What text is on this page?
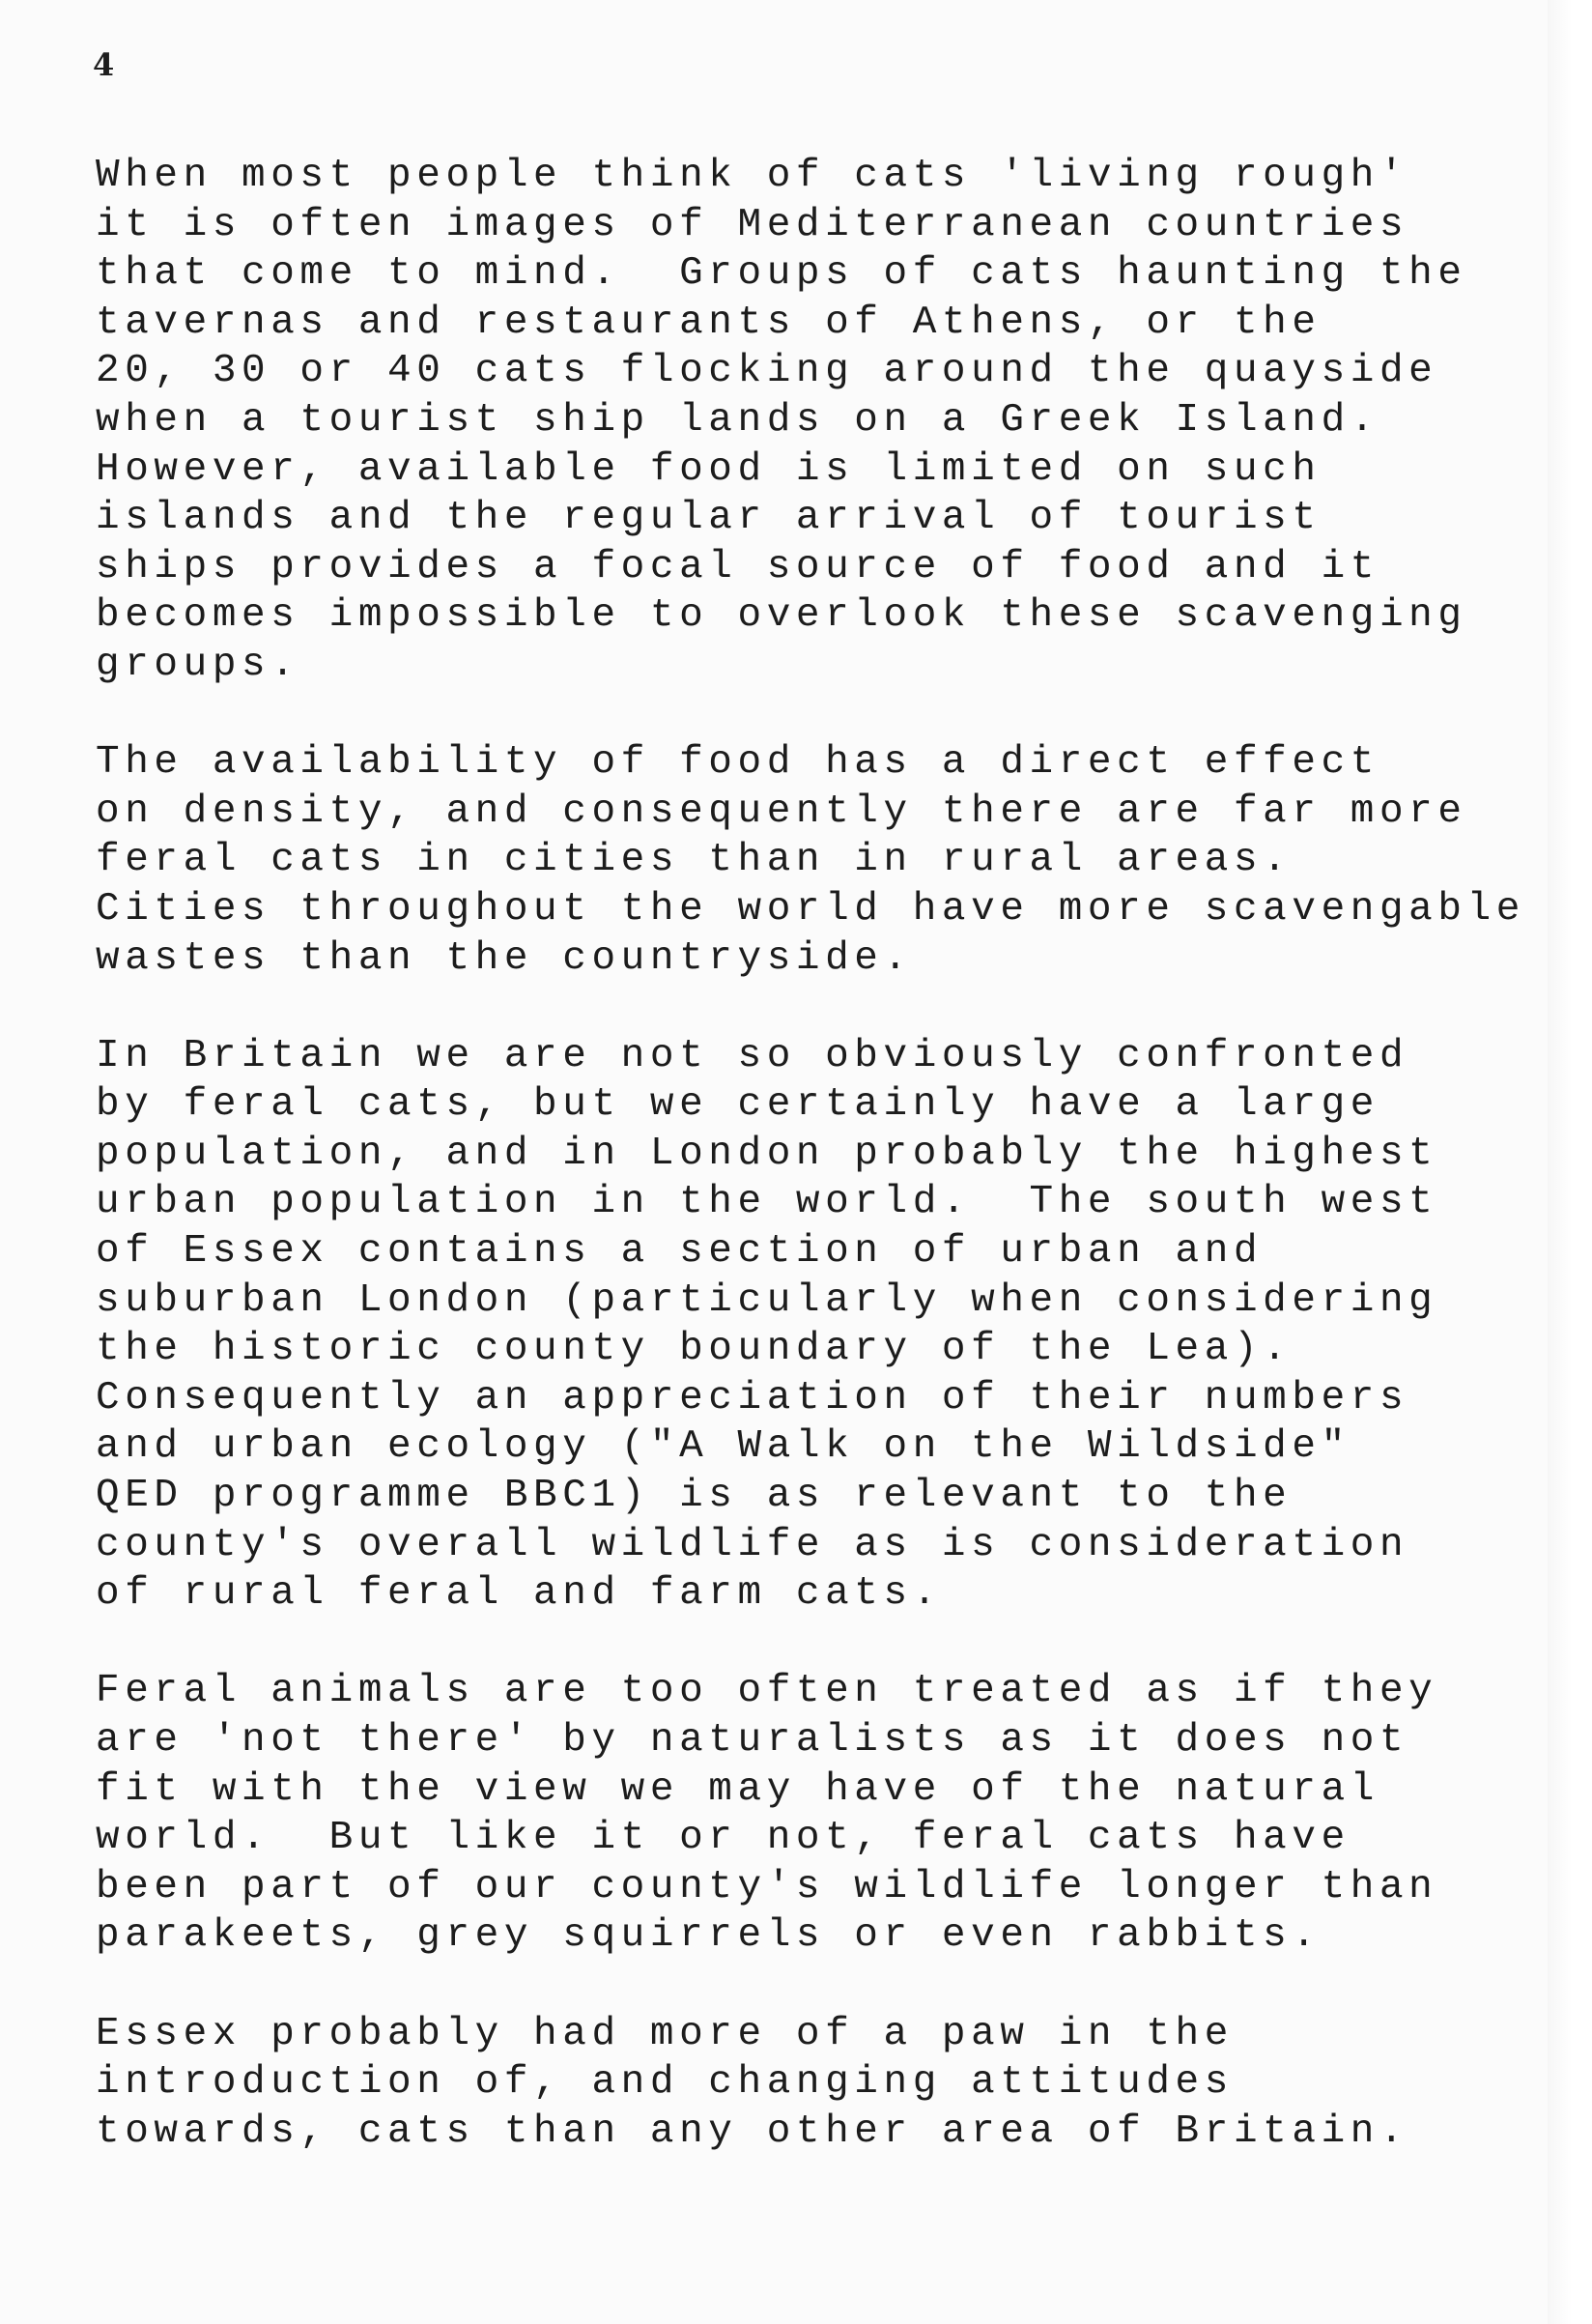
4

When most people think of cats 'living rough'
it is often images of Mediterranean countries
that come to mind.  Groups of cats haunting the
tavernas and restaurants of Athens, or the
20, 30 or 40 cats flocking around the quayside
when a tourist ship lands on a Greek Island.
However, available food is limited on such
islands and the regular arrival of tourist
ships provides a focal source of food and it
becomes impossible to overlook these scavenging
groups.

The availability of food has a direct effect
on density, and consequently there are far more
feral cats in cities than in rural areas.
Cities throughout the world have more scavengable
wastes than the countryside.

In Britain we are not so obviously confronted
by feral cats, but we certainly have a large
population, and in London probably the highest
urban population in the world.  The south west
of Essex contains a section of urban and
suburban London (particularly when considering
the historic county boundary of the Lea).
Consequently an appreciation of their numbers
and urban ecology ("A Walk on the Wildside"
QED programme BBC1) is as relevant to the
county's overall wildlife as is consideration
of rural feral and farm cats.

Feral animals are too often treated as if they
are 'not there' by naturalists as it does not
fit with the view we may have of the natural
world.  But like it or not, feral cats have
been part of our county's wildlife longer than
parakeets, grey squirrels or even rabbits.

Essex probably had more of a paw in the
introduction of, and changing attitudes
towards, cats than any other area of Britain.
